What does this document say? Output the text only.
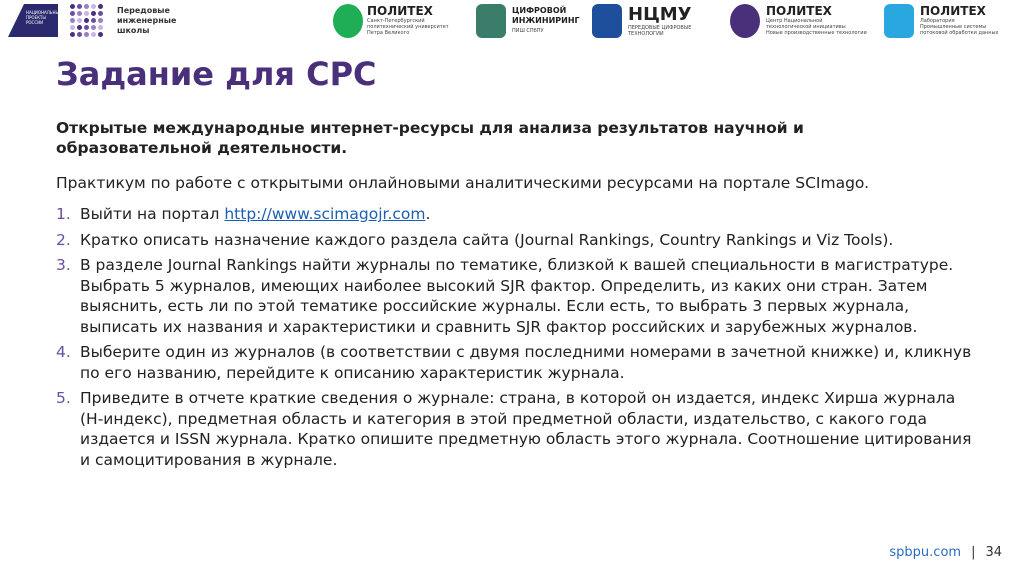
НАЦИОНАЛЬНЫЕ ПРОЕКТЫ РОССИИ
Передовые
инженерные
школы
ПОЛИТЕХ
Санкт-Петербургский
политехнический университет
Петра Великого
ЦИФРОВОЙ
ИНЖИНИРИНГ
ПИШ СПбПУ
НЦМУ
ПЕРЕДОВЫЕ ЦИФРОВЫЕ
ТЕХНОЛОГИИ
ПОЛИТЕХ
Центр Национальной
технологической инициативы
Новые производственные технологии
ПОЛИТЕХ
Лаборатория
Промышленные системы
потоковой обработки данных
Задание для СРС
Открытые международные интернет-ресурсы для анализа результатов научной и образовательной деятельности.
Практикум по работе с открытыми онлайновыми аналитическими ресурсами на портале SCImago.
1. Выйти на портал http://www.scimagojr.com.
2. Кратко описать назначение каждого раздела сайта (Journal Rankings, Country Rankings и Viz Tools).
3. В разделе Journal Rankings найти журналы по тематике, близкой к вашей специальности в магистратуре. Выбрать 5 журналов, имеющих наиболее высокий SJR фактор. Определить, из каких они стран. Затем выяснить, есть ли по этой тематике российские журналы. Если есть, то выбрать 3 первых журнала, выписать их названия и характеристики и сравнить SJR фактор российских и зарубежных журналов.
4. Выберите один из журналов (в соответствии с двумя последними номерами в зачетной книжке) и, кликнув по его названию, перейдите к описанию характеристик журнала.
5. Приведите в отчете краткие сведения о журнале: страна, в которой он издается, индекс Хирша журнала (H-индекс), предметная область и категория в этой предметной области, издательство, с какого года издается и ISSN журнала. Кратко опишите предметную область этого журнала. Соотношение цитирования и самоцитирования в журнале.
spbpu.com | 34
